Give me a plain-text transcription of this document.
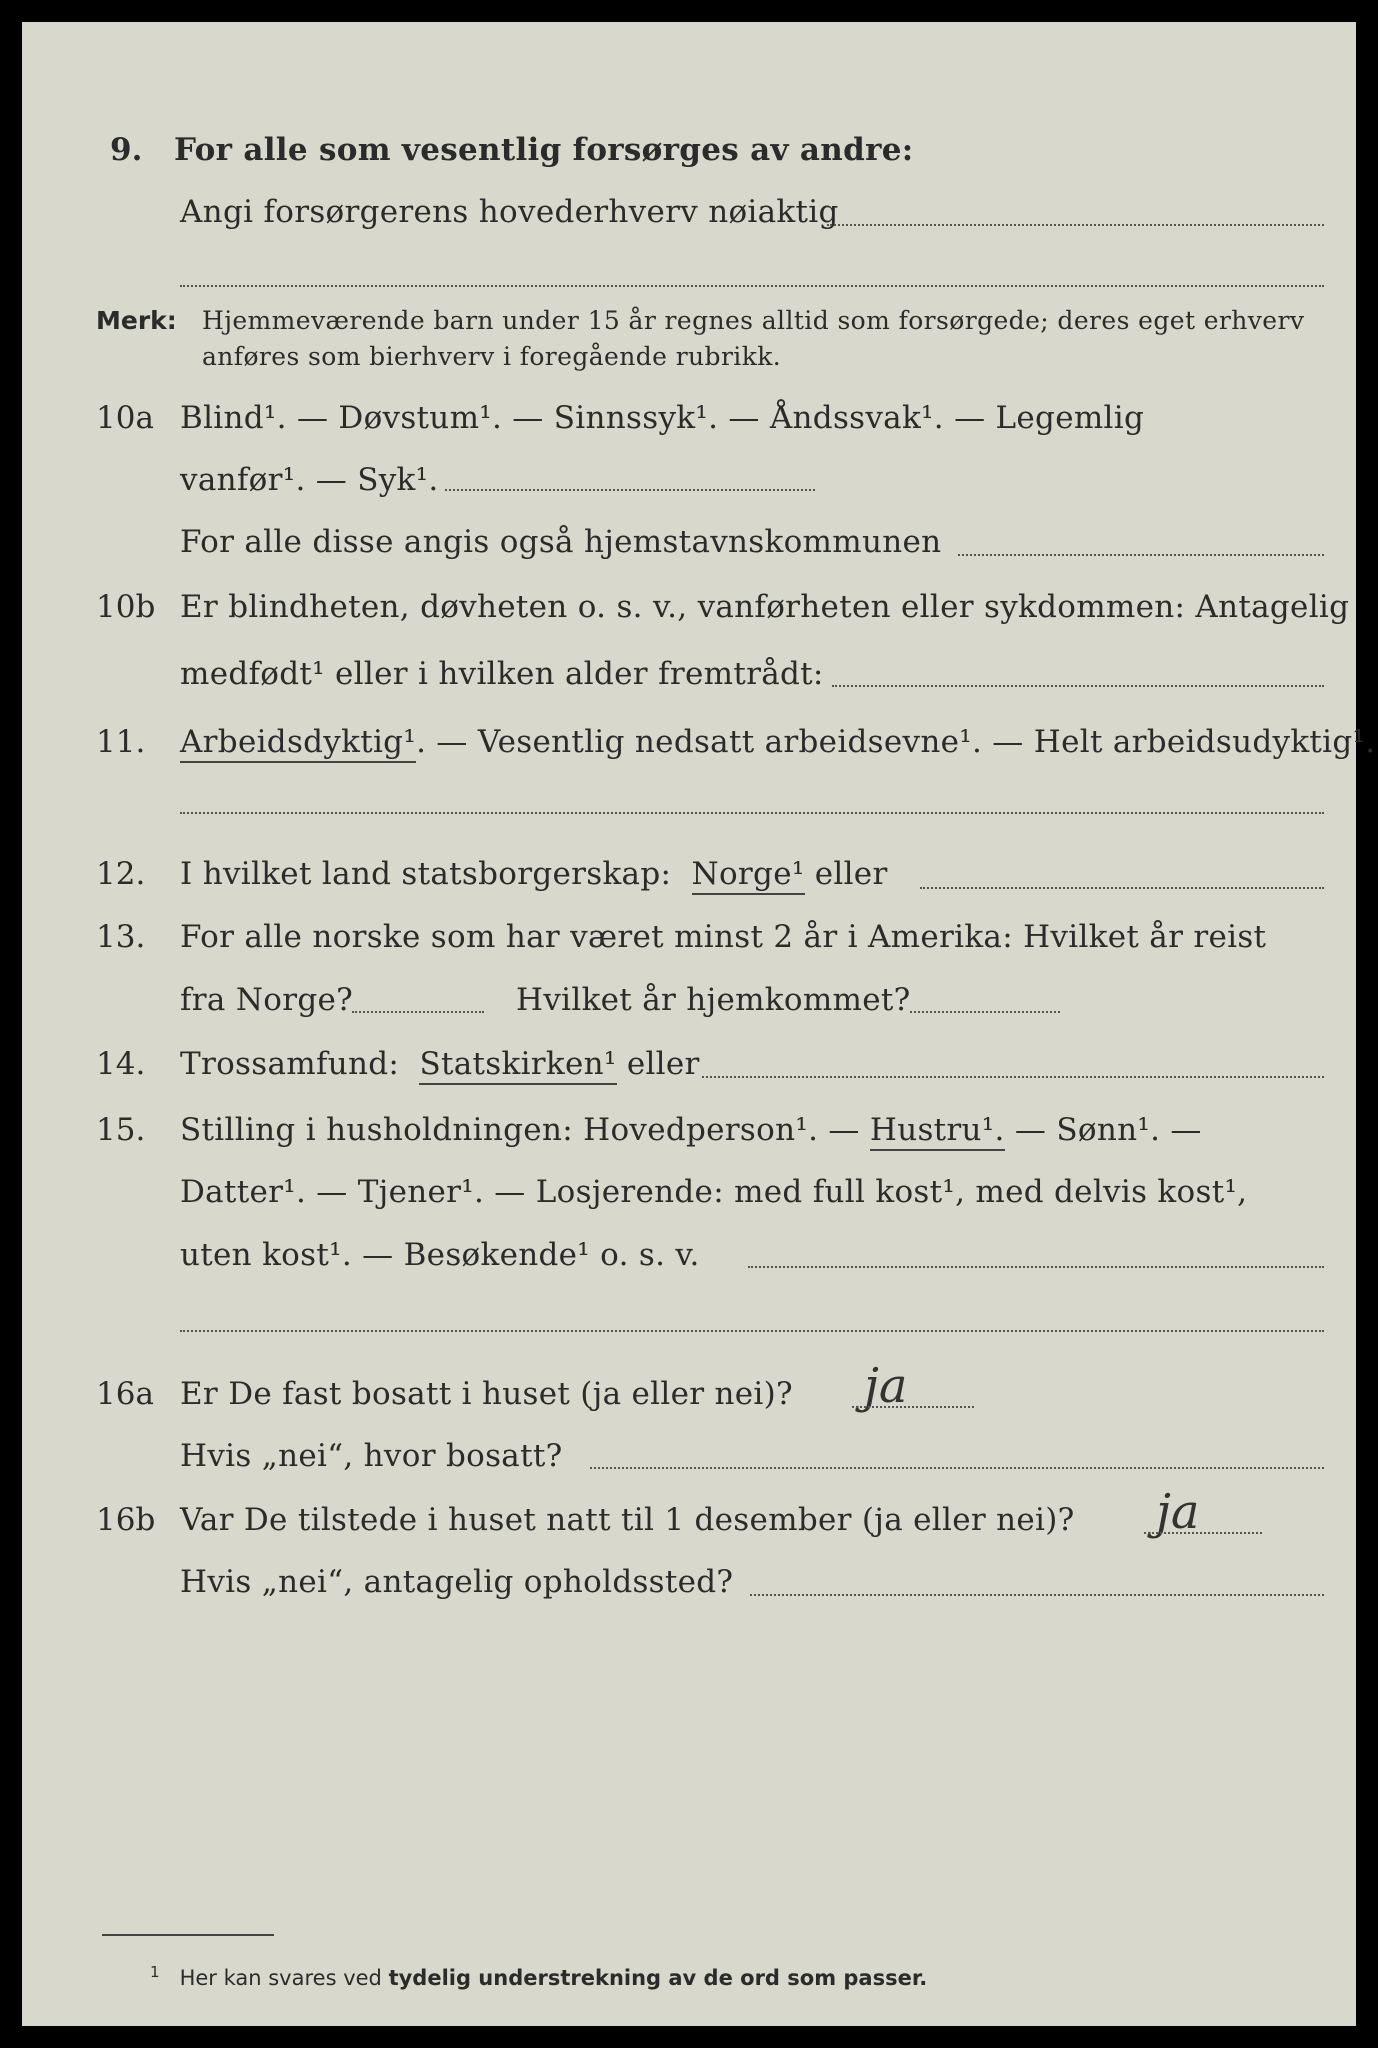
9. For alle som vesentlig forsørges av andre:
Angi forsørgerens hovederhverv nøiaktig
Merk: Hjemmeværende barn under 15 år regnes alltid som forsørgede; deres eget erhverv
anføres som bierhverv i foregående rubrikk.
10a Blind¹. — Døvstum¹. — Sinnssyk¹. — Åndssvak¹. — Legemlig
vanfør¹. — Syk¹.
For alle disse angis også hjemstavnskommunen
10b Er blindheten, døvheten o. s. v., vanførheten eller sykdommen: Antagelig
medfødt¹ eller i hvilken alder fremtrådt:
11. Arbeidsdyktig¹. — Vesentlig nedsatt arbeidsevne¹. — Helt arbeidsudyktig¹.
12. I hvilket land statsborgerskap: Norge¹ eller
13. For alle norske som har været minst 2 år i Amerika: Hvilket år reist
fra Norge?	Hvilket år hjemkommet?
14. Trossamfund: Statskirken¹ eller
15. Stilling i husholdningen: Hovedperson¹. — Hustru¹. — Sønn¹. —
Datter¹. — Tjener¹. — Losjerende: med full kost¹, med delvis kost¹,
uten kost¹. — Besøkende¹ o. s. v.
16a Er De fast bosatt i huset (ja eller nei)? ja
Hvis „nei“, hvor bosatt?
16b Var De tilstede i huset natt til 1 desember (ja eller nei)? ja
Hvis „nei“, antagelig opholdssted?
$^1$ Her kan svares ved tydelig understrekning av de ord som passer.
